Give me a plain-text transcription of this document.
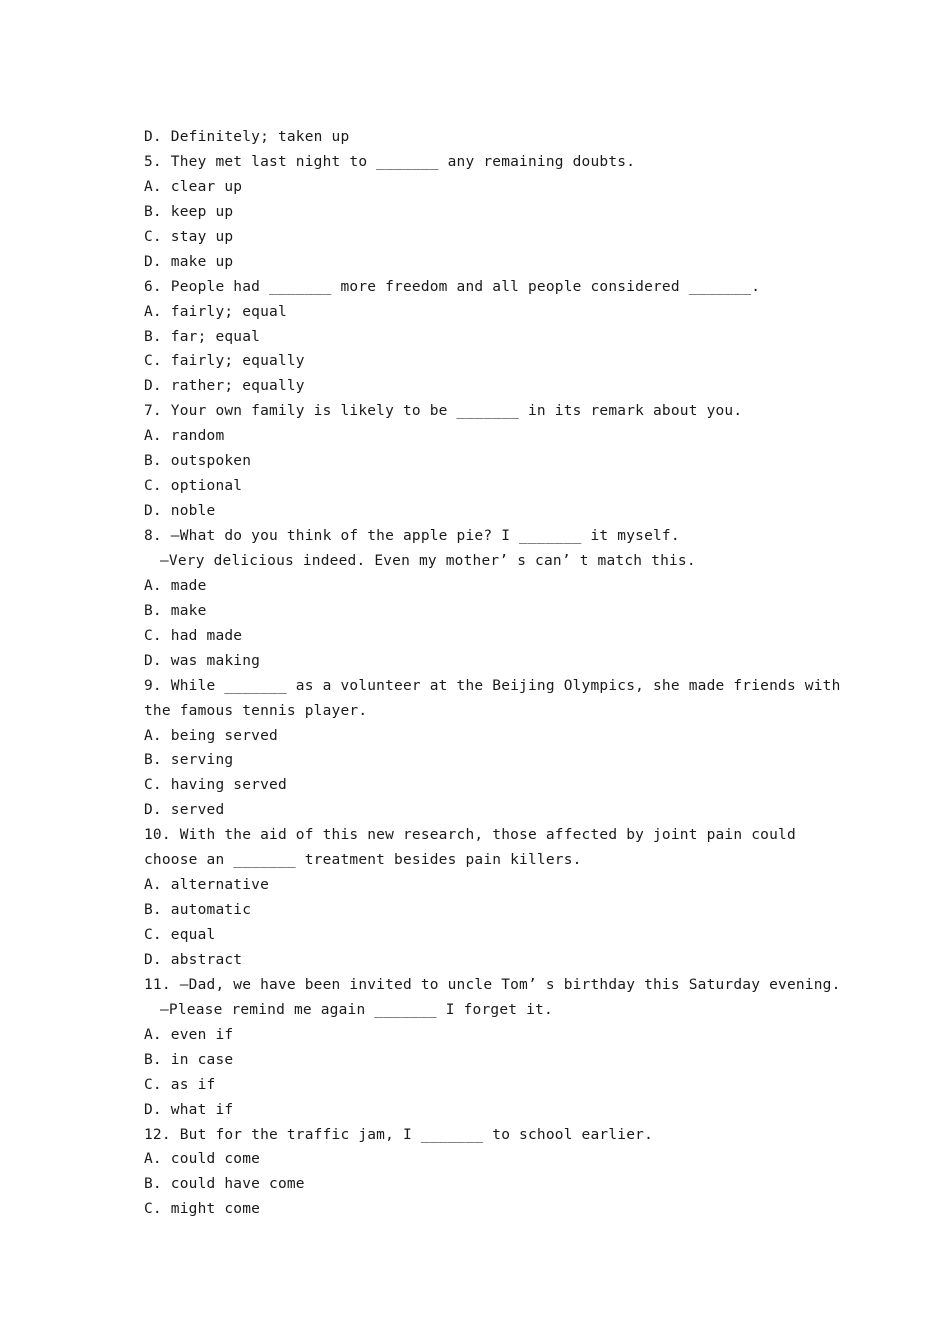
D. Definitely; taken up
5. They met last night to _______ any remaining doubts.
A. clear up
B. keep up
C. stay up
D. make up
6. People had _______ more freedom and all people considered _______.
A. fairly; equal
B. far; equal
C. fairly; equally
D. rather; equally
7. Your own family is likely to be _______ in its remark about you.
A. random
B. outspoken
C. optional
D. noble
8. —What do you think of the apple pie? I _______ it myself.
—Very delicious indeed. Even my mother’ s can’ t match this.
A. made
B. make
C. had made
D. was making
9. While _______ as a volunteer at the Beijing Olympics, she made friends with
the famous tennis player.
A. being served
B. serving
C. having served
D. served
10. With the aid of this new research, those affected by joint pain could
choose an _______ treatment besides pain killers.
A. alternative
B. automatic
C. equal
D. abstract
11. —Dad, we have been invited to uncle Tom’ s birthday this Saturday evening.
—Please remind me again _______ I forget it.
A. even if
B. in case
C. as if
D. what if
12. But for the traffic jam, I _______ to school earlier.
A. could come
B. could have come
C. might come
